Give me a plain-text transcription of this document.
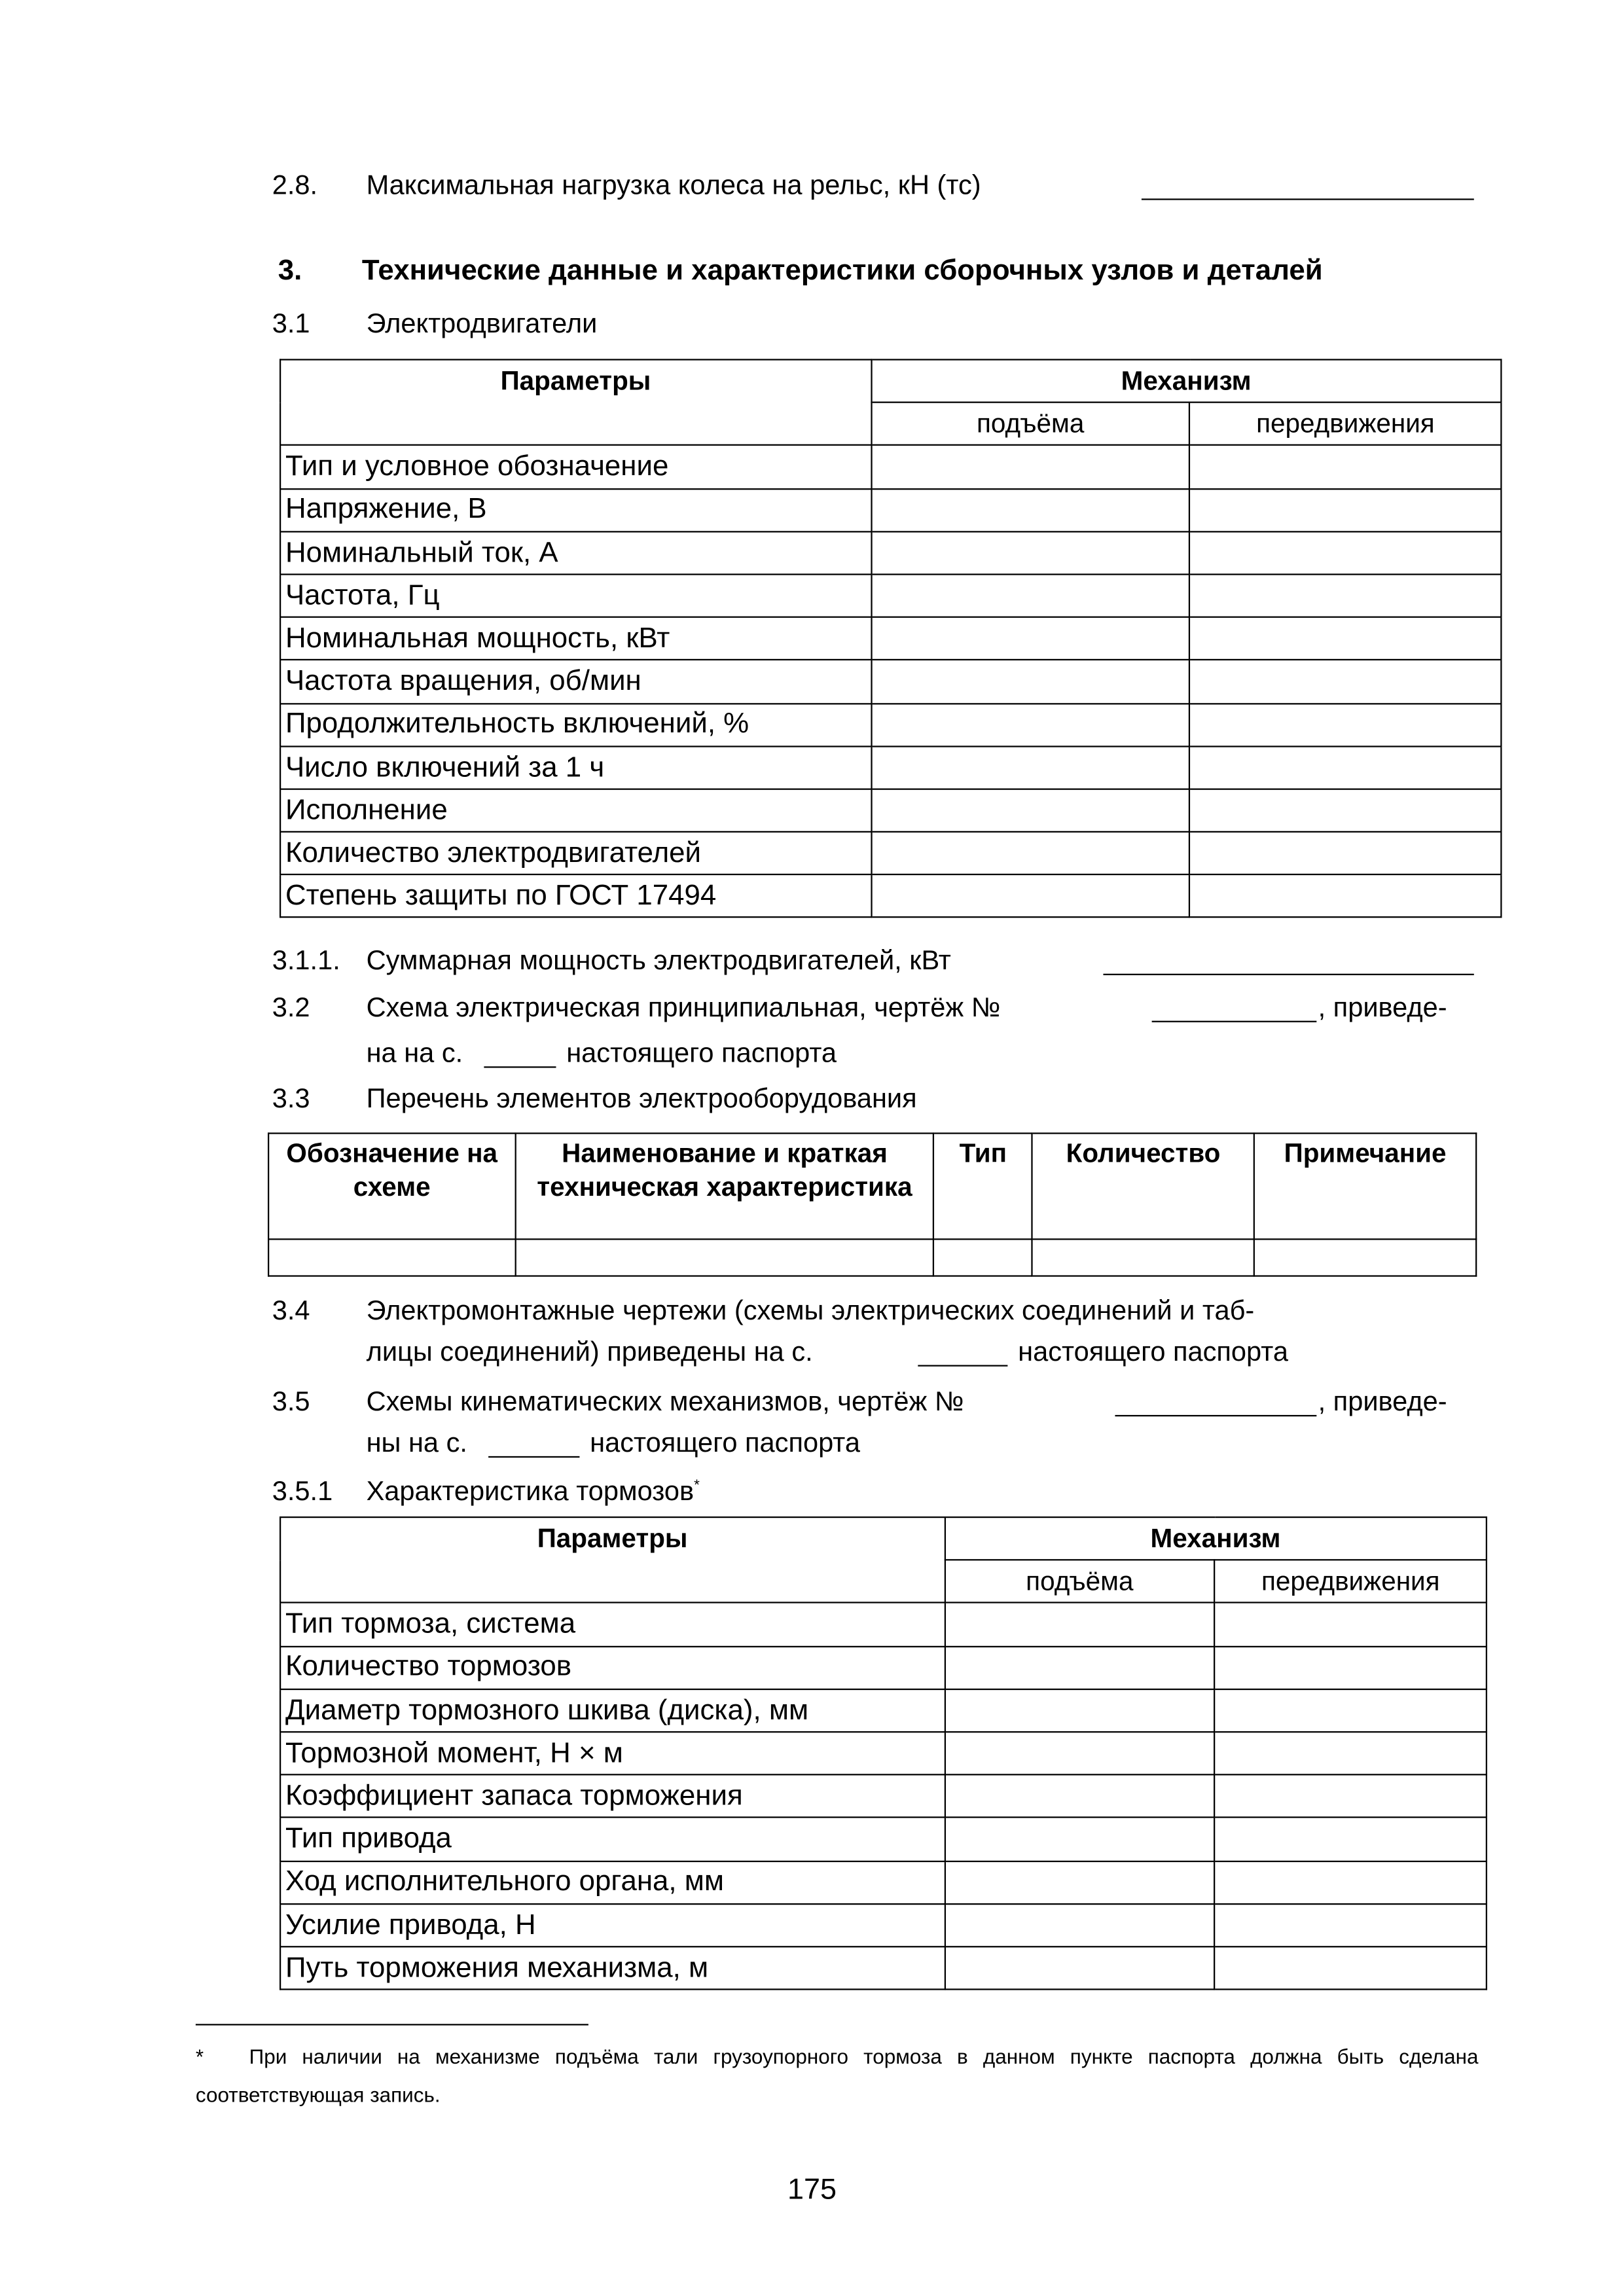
2.8.	Максимальная нагрузка колеса на рельс, кН (тс)
3.	Технические данные и характеристики сборочных узлов и деталей
3.1	Электродвигатели
Параметры	Механизм	
	подъёма	передвижения
Тип и условное обозначение		
Напряжение, В		
Номинальный ток, А		
Частота, Гц		
Номинальная мощность, кВт		
Частота вращения, об/мин		
Продолжительность включений, %		
Число включений за 1 ч		
Исполнение		
Количество электродвигателей		
Степень защиты по ГОСТ 17494		
3.1.1. Суммарная мощность электродвигателей, кВт
3.2	Схема электрическая принципиальная, чертёж №	, приведе-
на на с.	настоящего паспорта
3.3	Перечень элементов электрооборудования
Обозначение на схеме	Наименование и краткая техническая характеристика	Тип	Количество	Примечание

3.4	Электромонтажные чертежи (схемы электрических соединений и таб-
лицы соединений) приведены на с.	настоящего паспорта
3.5	Схемы кинематических механизмов, чертёж №	, приведе-
ны на с.	настоящего паспорта
3.5.1	Характеристика тормозов*
Параметры	Механизм	
	подъёма	передвижения
Тип тормоза, система		
Количество тормозов		
Диаметр тормозного шкива (диска), мм		
Тормозной момент, Н × м		
Коэффициент запаса торможения		
Тип привода		
Ход исполнительного органа, мм		
Усилие привода, Н		
Путь торможения механизма, м		
*	При наличии на механизме подъёма тали грузоупорного тормоза в данном пункте паспорта должна быть сделана соответствующая запись.
175
